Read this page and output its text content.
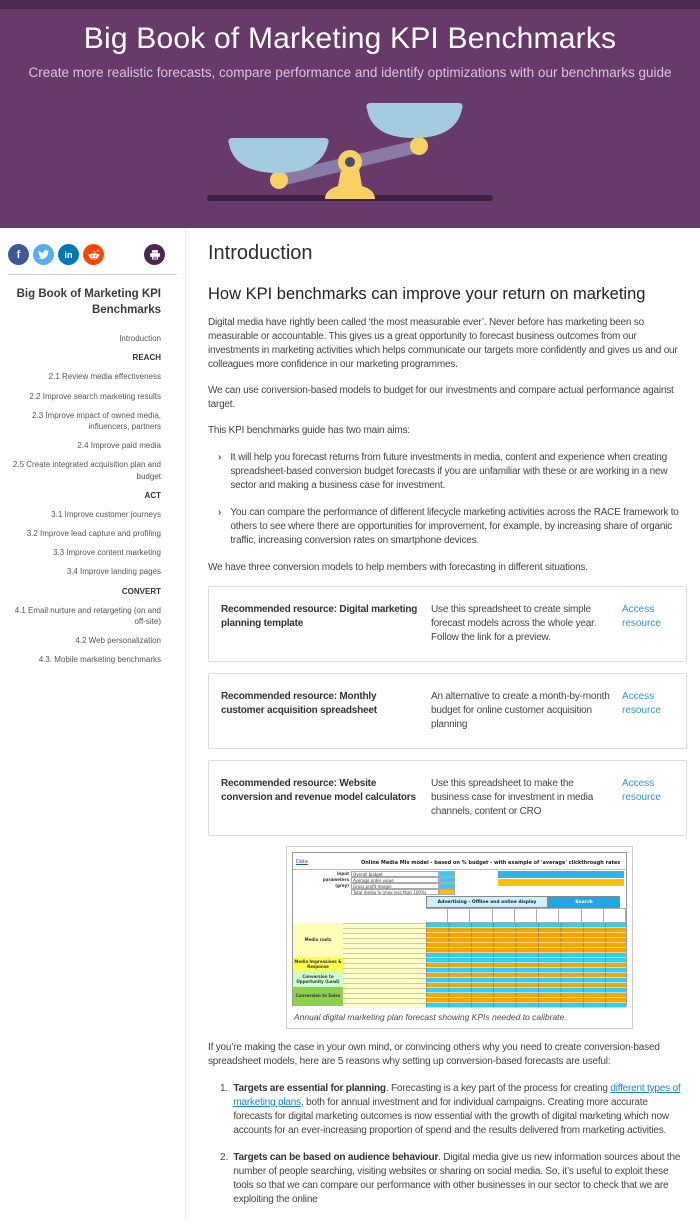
Big Book of Marketing KPI Benchmarks
Create more realistic forecasts, compare performance and identify optimizations with our benchmarks guide
f	in
Big Book of Marketing KPI Benchmarks
Introduction
REACH
2.1 Review media effectiveness
2.2 Improve search marketing results
2.3 Improve impact of owned media, influencers, partners
2.4 Improve paid media
2.5 Create integrated acquisition plan and budget
ACT
3.1 Improve customer journeys
3.2 Improve lead capture and profiling
3.3 Improve content marketing
3.4 Improve landing pages
CONVERT
4.1 Email nurture and retargeting (on and off-site)
4.2 Web personalization
4.3. Mobile marketing benchmarks
Introduction
How KPI benchmarks can improve your return on marketing

Digital media have rightly been called ‘the most measurable ever’. Never before has marketing been so measurable or accountable. This gives us a great opportunity to forecast business outcomes from our investments in marketing activities which helps communicate our targets more confidently and gives us and our colleagues more confidence in our marketing programmes.

We can use conversion-based models to budget for our investments and compare actual performance against target.

This KPI benchmarks guide has two main aims:

› It will help you forecast returns from future investments in media, content and experience when creating spreadsheet-based conversion budget forecasts if you are unfamiliar with these or are working in a new sector and making a business case for investment.
› You can compare the performance of different lifecycle marketing activities across the RACE framework to others to see where there are opportunities for improvement, for example, by increasing share of organic traffic, increasing conversion rates on smartphone devices.

We have three conversion models to help members with forecasting in different situations.

Recommended resource: Digital marketing planning template
Use this spreadsheet to create simple forecast models across the whole year. Follow the link for a preview.
Access resource
Recommended resource: Monthly customer acquisition spreadsheet
An alternative to create a month-by-month budget for online customer acquisition planning
Access resource
Recommended resource: Website conversion and revenue model calculators
Use this spreadsheet to make the business case for investment in media channels, content or CRO
Access resource
Data	Online Media Mix model - based on % budget - with example of 'average' clickthrough rates
Input	Overall budget
parameters	Average order value
(grey)	Gross profit margin
Total media % (max less than 100%)
Advertising - Offline and online display	Search
Media costs
Media Impressions & Response
Conversion to Opportunity (Lead)
Conversion to Sales
Annual digital marketing plan forecast showing KPIs needed to calibrate.

If you’re making the case in your own mind, or convincing others why you need to create conversion-based spreadsheet models, here are 5 reasons why setting up conversion-based forecasts are useful:

1. Targets are essential for planning. Forecasting is a key part of the process for creating different types of marketing plans, both for annual investment and for individual campaigns. Creating more accurate forecasts for digital marketing outcomes is now essential with the growth of digital marketing which now accounts for an ever-increasing proportion of spend and the results delivered from marketing activities.
2. Targets can be based on audience behaviour. Digital media give us new information sources about the number of people searching, visiting websites or sharing on social media. So, it’s useful to exploit these tools so that we can compare our performance with other businesses in our sector to check that we are exploiting the online
